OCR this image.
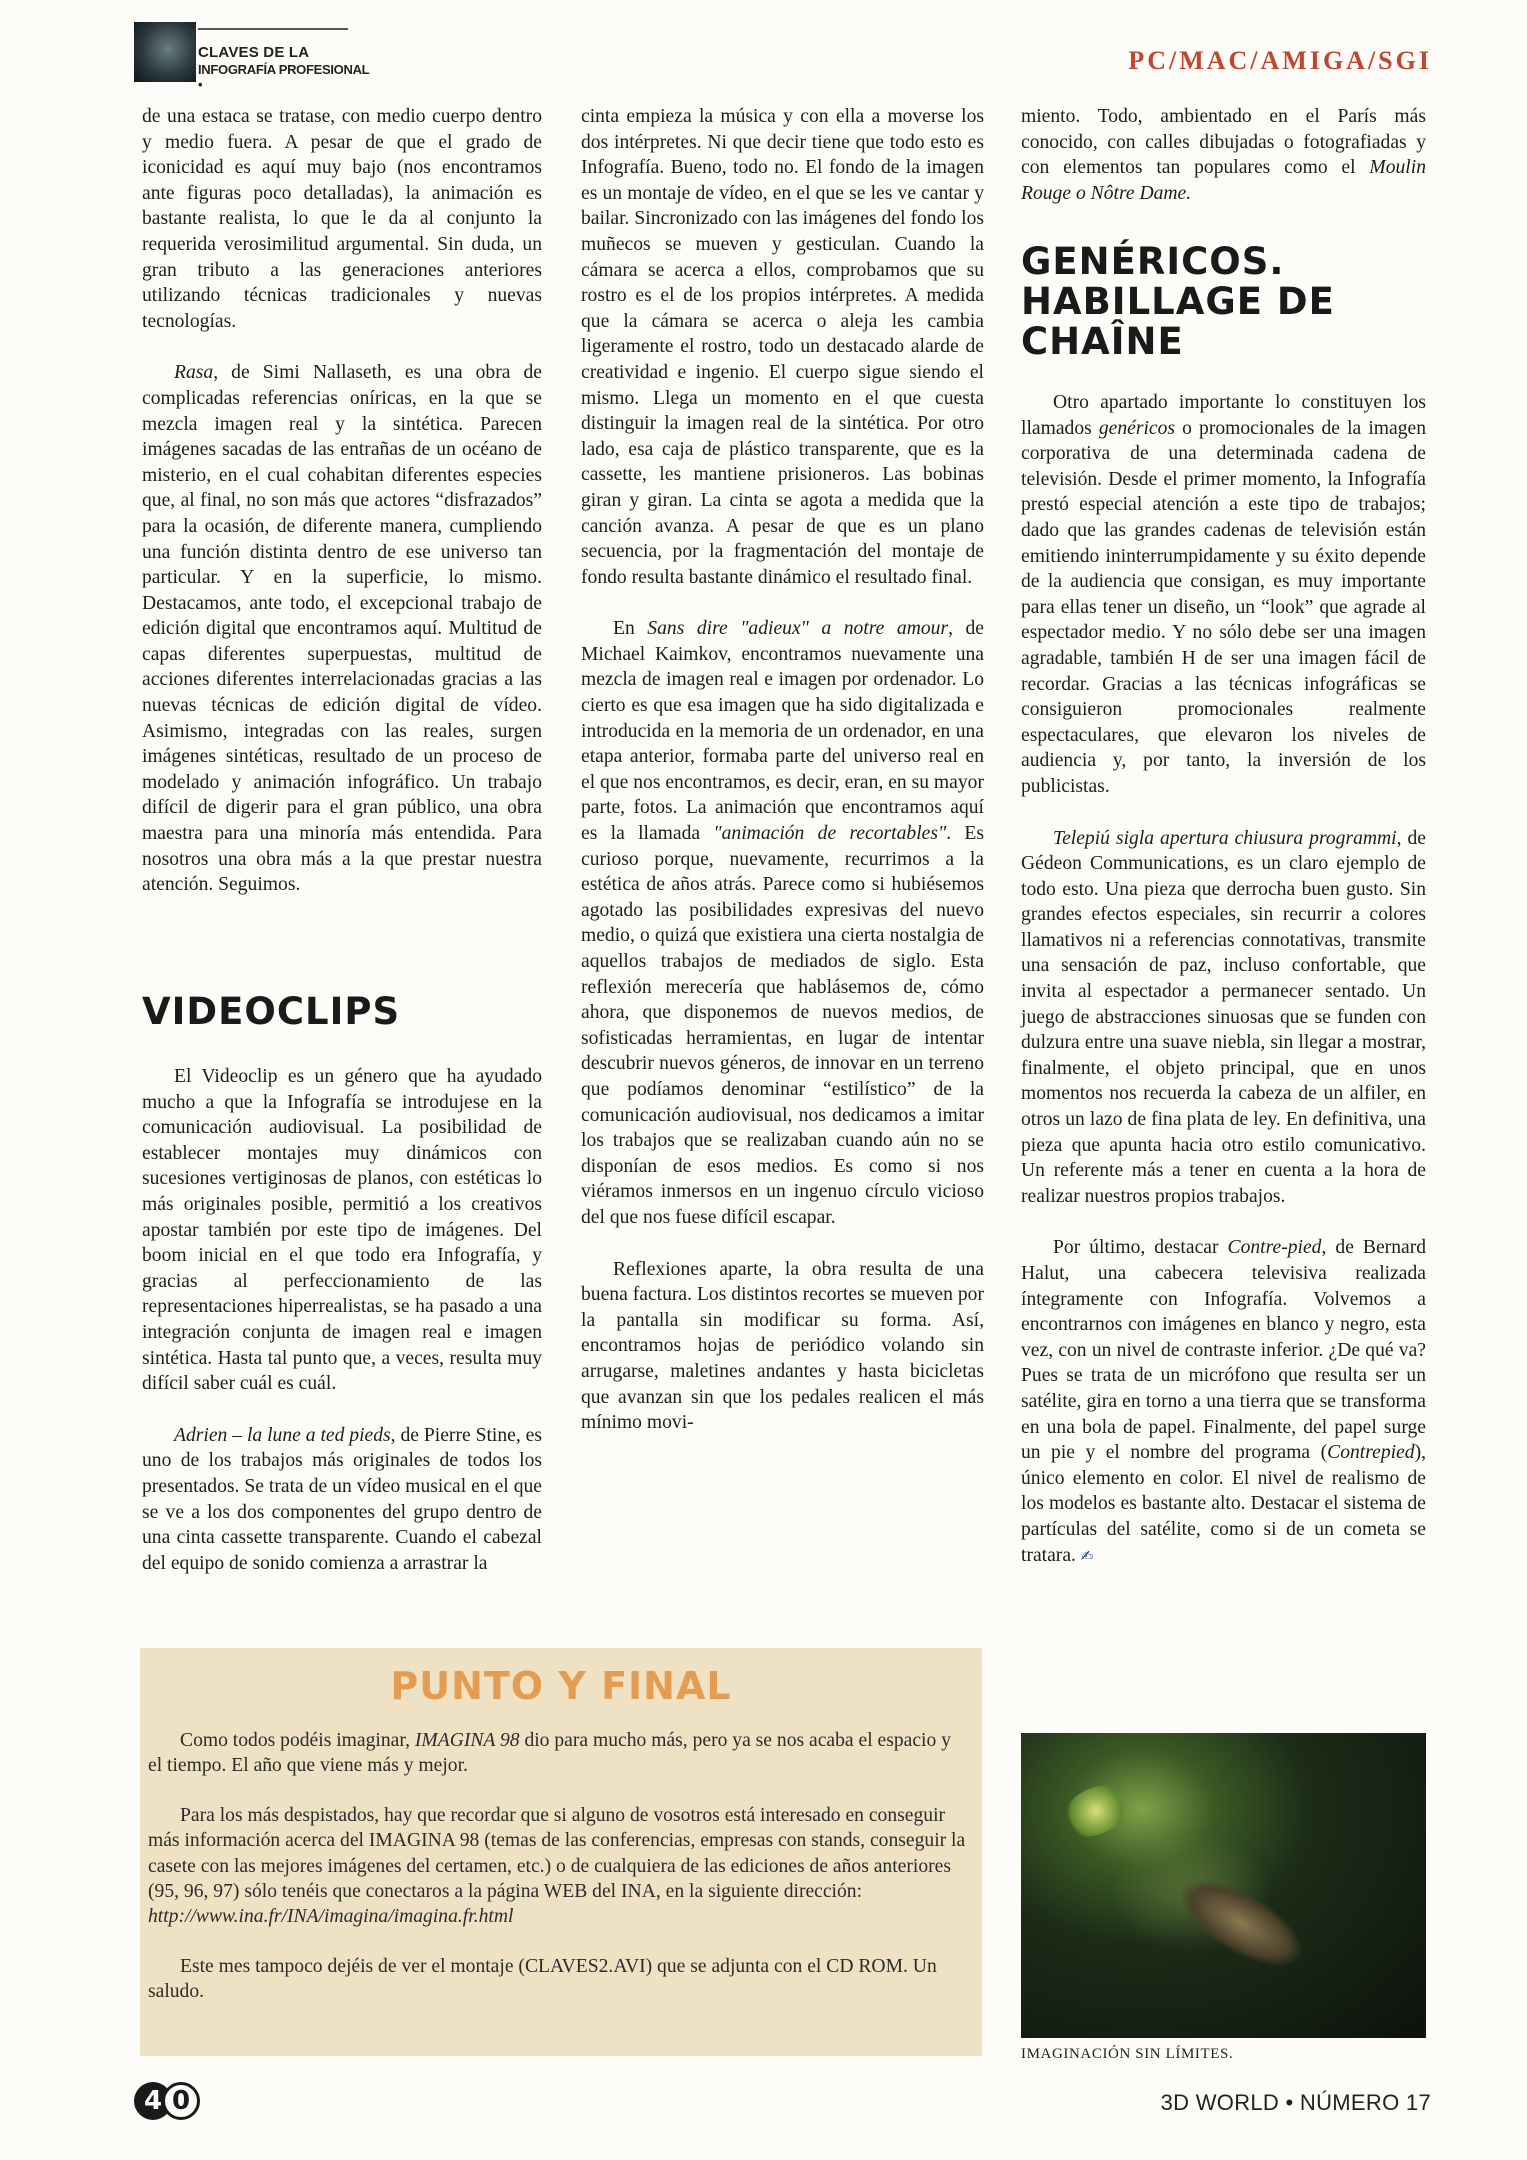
CLAVES DE LA
INFOGRAFÍA PROFESIONAL •
PC/MAC/AMIGA/SGI

de una estaca se tratase, con medio cuerpo dentro y medio fuera. A pesar de que el grado de iconicidad es aquí muy bajo (nos encontramos ante figuras poco detalladas), la animación es bastante realista, lo que le da al conjunto la requerida verosimilitud argumental. Sin duda, un gran tributo a las generaciones anteriores utilizando técnicas tradicionales y nuevas tecnologías.

Rasa, de Simi Nallaseth, es una obra de complicadas referencias oníricas, en la que se mezcla imagen real y la sintética. Parecen imágenes sacadas de las entrañas de un océano de misterio, en el cual cohabitan diferentes especies que, al final, no son más que actores “disfrazados” para la ocasión, de diferente manera, cumpliendo una función distinta dentro de ese universo tan particular. Y en la superficie, lo mismo. Destacamos, ante todo, el excepcional trabajo de edición digital que encontramos aquí. Multitud de capas diferentes superpuestas, multitud de acciones diferentes interrelacionadas gracias a las nuevas técnicas de edición digital de vídeo. Asimismo, integradas con las reales, surgen imágenes sintéticas, resultado de un proceso de modelado y animación infográfico. Un trabajo difícil de digerir para el gran público, una obra maestra para una minoría más entendida. Para nosotros una obra más a la que prestar nuestra atención. Seguimos.

VIDEOCLIPS

El Videoclip es un género que ha ayudado mucho a que la Infografía se introdujese en la comunicación audiovisual. La posibilidad de establecer montajes muy dinámicos con sucesiones vertiginosas de planos, con estéticas lo más originales posible, permitió a los creativos apostar también por este tipo de imágenes. Del boom inicial en el que todo era Infografía, y gracias al perfeccionamiento de las representaciones hiperrealistas, se ha pasado a una integración conjunta de imagen real e imagen sintética. Hasta tal punto que, a veces, resulta muy difícil saber cuál es cuál.

Adrien – la lune a ted pieds, de Pierre Stine, es uno de los trabajos más originales de todos los presentados. Se trata de un vídeo musical en el que se ve a los dos componentes del grupo dentro de una cinta cassette transparente. Cuando el cabezal del equipo de sonido comienza a arrastrar la

cinta empieza la música y con ella a moverse los dos intérpretes. Ni que decir tiene que todo esto es Infografía. Bueno, todo no. El fondo de la imagen es un montaje de vídeo, en el que se les ve cantar y bailar. Sincronizado con las imágenes del fondo los muñecos se mueven y gesticulan. Cuando la cámara se acerca a ellos, comprobamos que su rostro es el de los propios intérpretes. A medida que la cámara se acerca o aleja les cambia ligeramente el rostro, todo un destacado alarde de creatividad e ingenio. El cuerpo sigue siendo el mismo. Llega un momento en el que cuesta distinguir la imagen real de la sintética. Por otro lado, esa caja de plástico transparente, que es la cassette, les mantiene prisioneros. Las bobinas giran y giran. La cinta se agota a medida que la canción avanza. A pesar de que es un plano secuencia, por la fragmentación del montaje de fondo resulta bastante dinámico el resultado final.

En Sans dire "adieux" a notre amour, de Michael Kaimkov, encontramos nuevamente una mezcla de imagen real e imagen por ordenador. Lo cierto es que esa imagen que ha sido digitalizada e introducida en la memoria de un ordenador, en una etapa anterior, formaba parte del universo real en el que nos encontramos, es decir, eran, en su mayor parte, fotos. La animación que encontramos aquí es la llamada "animación de recortables". Es curioso porque, nuevamente, recurrimos a la estética de años atrás. Parece como si hubiésemos agotado las posibilidades expresivas del nuevo medio, o quizá que existiera una cierta nostalgia de aquellos trabajos de mediados de siglo. Esta reflexión merecería que hablásemos de, cómo ahora, que disponemos de nuevos medios, de sofisticadas herramientas, en lugar de intentar descubrir nuevos géneros, de innovar en un terreno que podíamos denominar “estilístico” de la comunicación audiovisual, nos dedicamos a imitar los trabajos que se realizaban cuando aún no se disponían de esos medios. Es como si nos viéramos inmersos en un ingenuo círculo vicioso del que nos fuese difícil escapar.

Reflexiones aparte, la obra resulta de una buena factura. Los distintos recortes se mueven por la pantalla sin modificar su forma. Así, encontramos hojas de periódico volando sin arrugarse, maletines andantes y hasta bicicletas que avanzan sin que los pedales realicen el más mínimo movi-

miento. Todo, ambientado en el París más conocido, con calles dibujadas o fotografiadas y con elementos tan populares como el Moulin Rouge o Nôtre Dame.

GENÉRICOS.
HABILLAGE DE
CHAÎNE

Otro apartado importante lo constituyen los llamados genéricos o promocionales de la imagen corporativa de una determinada cadena de televisión. Desde el primer momento, la Infografía prestó especial atención a este tipo de trabajos; dado que las grandes cadenas de televisión están emitiendo ininterrumpidamente y su éxito depende de la audiencia que consigan, es muy importante para ellas tener un diseño, un “look” que agrade al espectador medio. Y no sólo debe ser una imagen agradable, también H de ser una imagen fácil de recordar. Gracias a las técnicas infográficas se consiguieron promocionales realmente espectaculares, que elevaron los niveles de audiencia y, por tanto, la inversión de los publicistas.

Telepiú sigla apertura chiusura programmi, de Gédeon Communications, es un claro ejemplo de todo esto. Una pieza que derrocha buen gusto. Sin grandes efectos especiales, sin recurrir a colores llamativos ni a referencias connotativas, transmite una sensación de paz, incluso confortable, que invita al espectador a permanecer sentado. Un juego de abstracciones sinuosas que se funden con dulzura entre una suave niebla, sin llegar a mostrar, finalmente, el objeto principal, que en unos momentos nos recuerda la cabeza de un alfiler, en otros un lazo de fina plata de ley. En definitiva, una pieza que apunta hacia otro estilo comunicativo. Un referente más a tener en cuenta a la hora de realizar nuestros propios trabajos.

Por último, destacar Contre-pied, de Bernard Halut, una cabecera televisiva realizada íntegramente con Infografía. Volvemos a encontrarnos con imágenes en blanco y negro, esta vez, con un nivel de contraste inferior. ¿De qué va? Pues se trata de un micrófono que resulta ser un satélite, gira en torno a una tierra que se transforma en una bola de papel. Finalmente, del papel surge un pie y el nombre del programa (Contrepied), único elemento en color. El nivel de realismo de los modelos es bastante alto. Destacar el sistema de partículas del satélite, como si de un cometa se tratara. ✍

PUNTO Y FINAL

Como todos podéis imaginar, IMAGINA 98 dio para mucho más, pero ya se nos acaba el espacio y el tiempo. El año que viene más y mejor.

Para los más despistados, hay que recordar que si alguno de vosotros está interesado en conseguir más información acerca del IMAGINA 98 (temas de las conferencias, empresas con stands, conseguir la casete con las mejores imágenes del certamen, etc.) o de cualquiera de las ediciones de años anteriores (95, 96, 97) sólo tenéis que conectaros a la página WEB del INA, en la siguiente dirección:
http://www.ina.fr/INA/imagina/imagina.fr.html

Este mes tampoco dejéis de ver el montaje (CLAVES2.AVI) que se adjunta con el CD ROM. Un saludo.

IMAGINACIÓN SIN LÍMITES.
4 0	3D WORLD • NÚMERO 17
